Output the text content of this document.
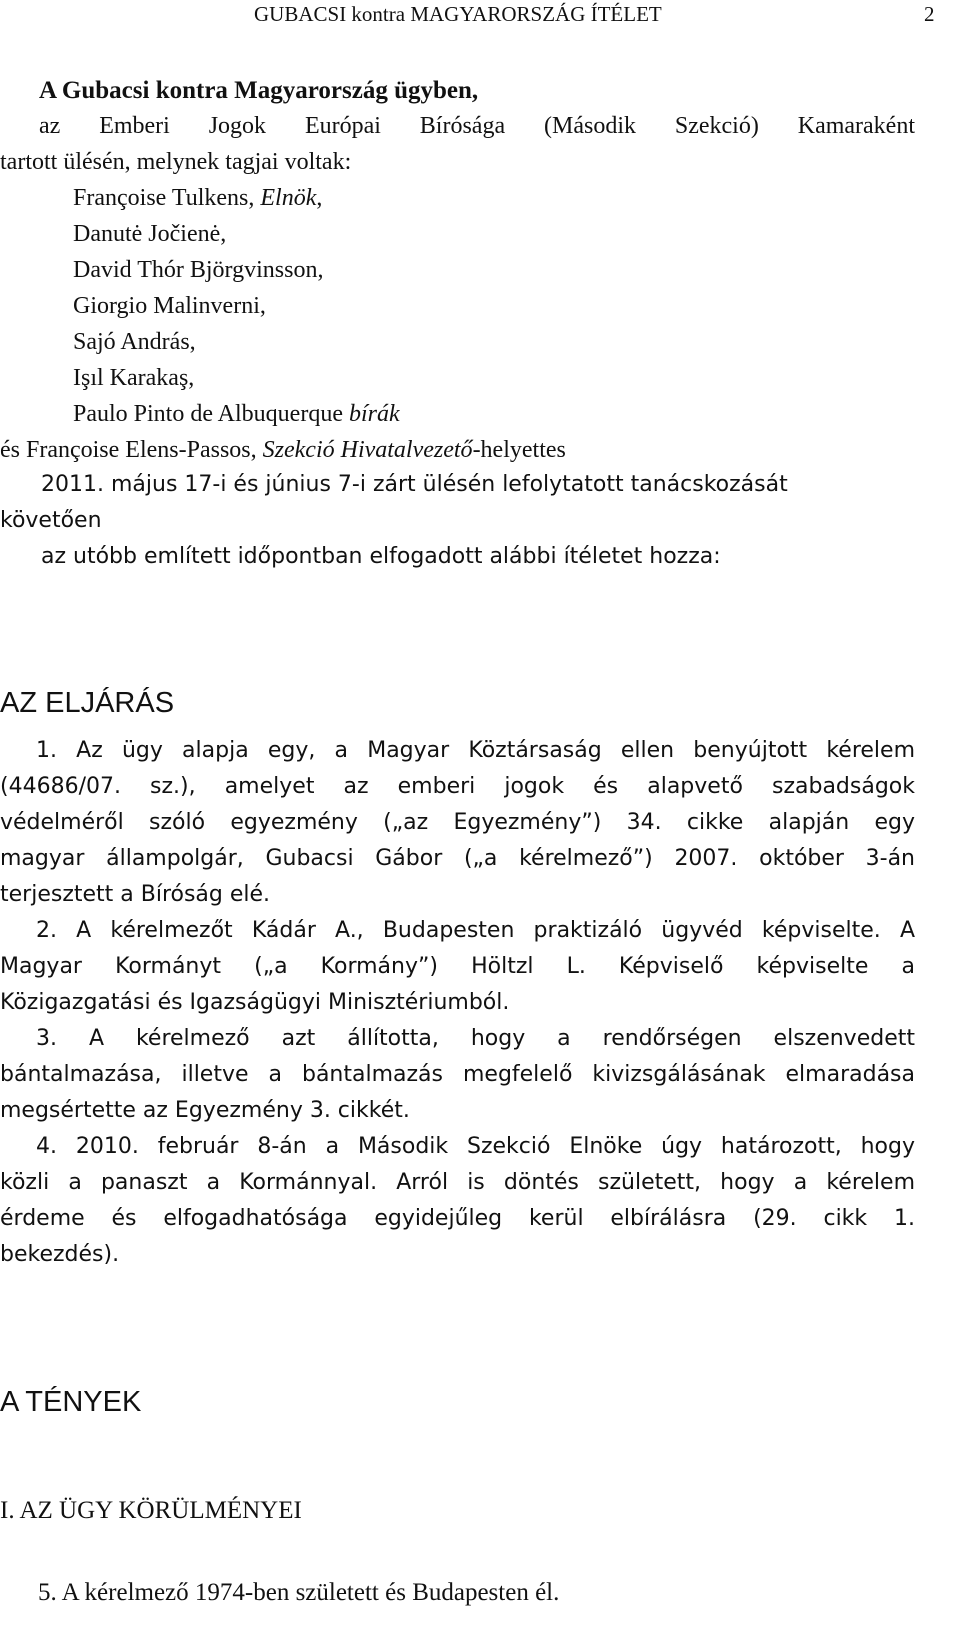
GUBACSI kontra MAGYARORSZÁG ÍTÉLET	2
A Gubacsi kontra Magyarország ügyben,
az Emberi Jogok Európai Bírósága (Második Szekció) Kamaraként
tartott ülésén, melynek tagjai voltak:
Françoise Tulkens, Elnök,
Danutė Jočienė,
David Thór Björgvinsson,
Giorgio Malinverni,
Sajó András,
Işıl Karakaş,
Paulo Pinto de Albuquerque bírák
és Françoise Elens-Passos, Szekció Hivatalvezető-helyettes
2011. május 17-i és június 7-i zárt ülésén lefolytatott tanácskozását
követően
az utóbb említett időpontban elfogadott alábbi ítéletet hozza:
AZ ELJÁRÁS
1. Az ügy alapja egy, a Magyar Köztársaság ellen benyújtott kérelem
(44686/07. sz.), amelyet az emberi jogok és alapvető szabadságok
védelméről szóló egyezmény („az Egyezmény”) 34. cikke alapján egy
magyar állampolgár, Gubacsi Gábor („a kérelmező”) 2007. október 3-án
terjesztett a Bíróság elé.
2. A kérelmezőt Kádár A., Budapesten praktizáló ügyvéd képviselte. A
Magyar Kormányt („a Kormány”) Höltzl L. Képviselő képviselte a
Közigazgatási és Igazságügyi Minisztériumból.
3. A kérelmező azt állította, hogy a rendőrségen elszenvedett
bántalmazása, illetve a bántalmazás megfelelő kivizsgálásának elmaradása
megsértette az Egyezmény 3. cikkét.
4. 2010. február 8-án a Második Szekció Elnöke úgy határozott, hogy
közli a panaszt a Kormánnyal. Arról is döntés született, hogy a kérelem
érdeme és elfogadhatósága egyidejűleg kerül elbírálásra (29. cikk 1.
bekezdés).
A TÉNYEK
I. AZ ÜGY KÖRÜLMÉNYEI
5. A kérelmező 1974-ben született és Budapesten él.
